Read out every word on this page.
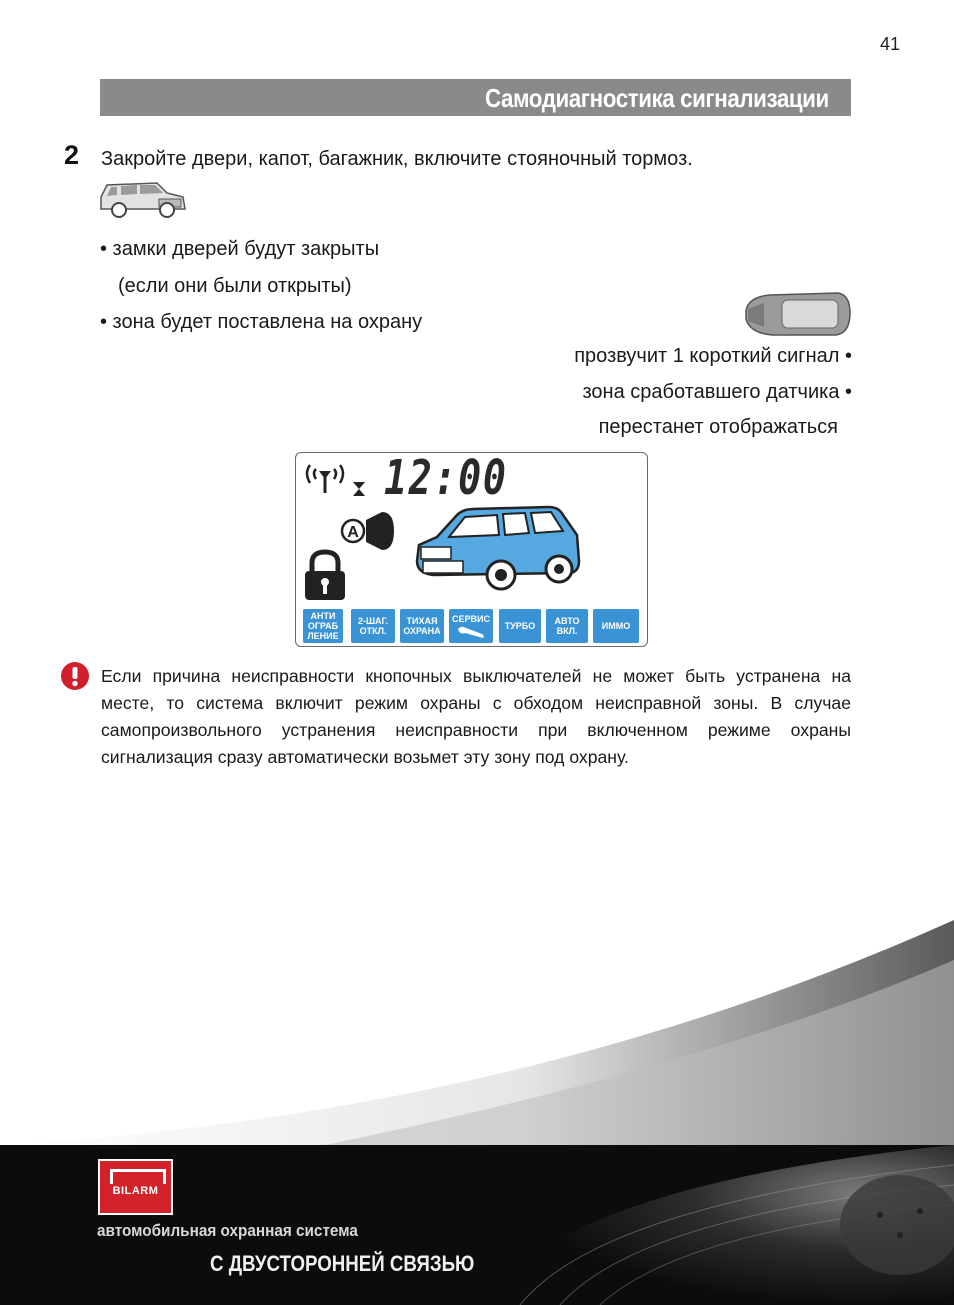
41
Самодиагностика сигнализации
2 Закройте двери, капот, багажник, включите стояночный тормоз.
• замки дверей будут закрыты
(если они были открыты)
• зона будет поставлена на охрану
прозвучит 1 короткий сигнал •
зона сработавшего датчика •
перестанет отображаться
12:00
A
АНТИ
ОГРАБ
ЛЕНИЕ
2-ШАГ.
ОТКЛ.
ТИХАЯ
ОХРАНА
СЕРВИС
ТУРБО	АВТО
ВКЛ.	ИММО
Если причина неисправности кнопочных выключателей не может быть устранена на месте, то система включит режим охраны с обходом неисправной зоны. В случае самопроизвольного устранения неисправности при включенном режиме охраны сигнализация сразу автоматически возьмет эту зону под охрану.
BILARM
автомобильная охранная система
С ДВУСТОРОННЕЙ СВЯЗЬЮ
